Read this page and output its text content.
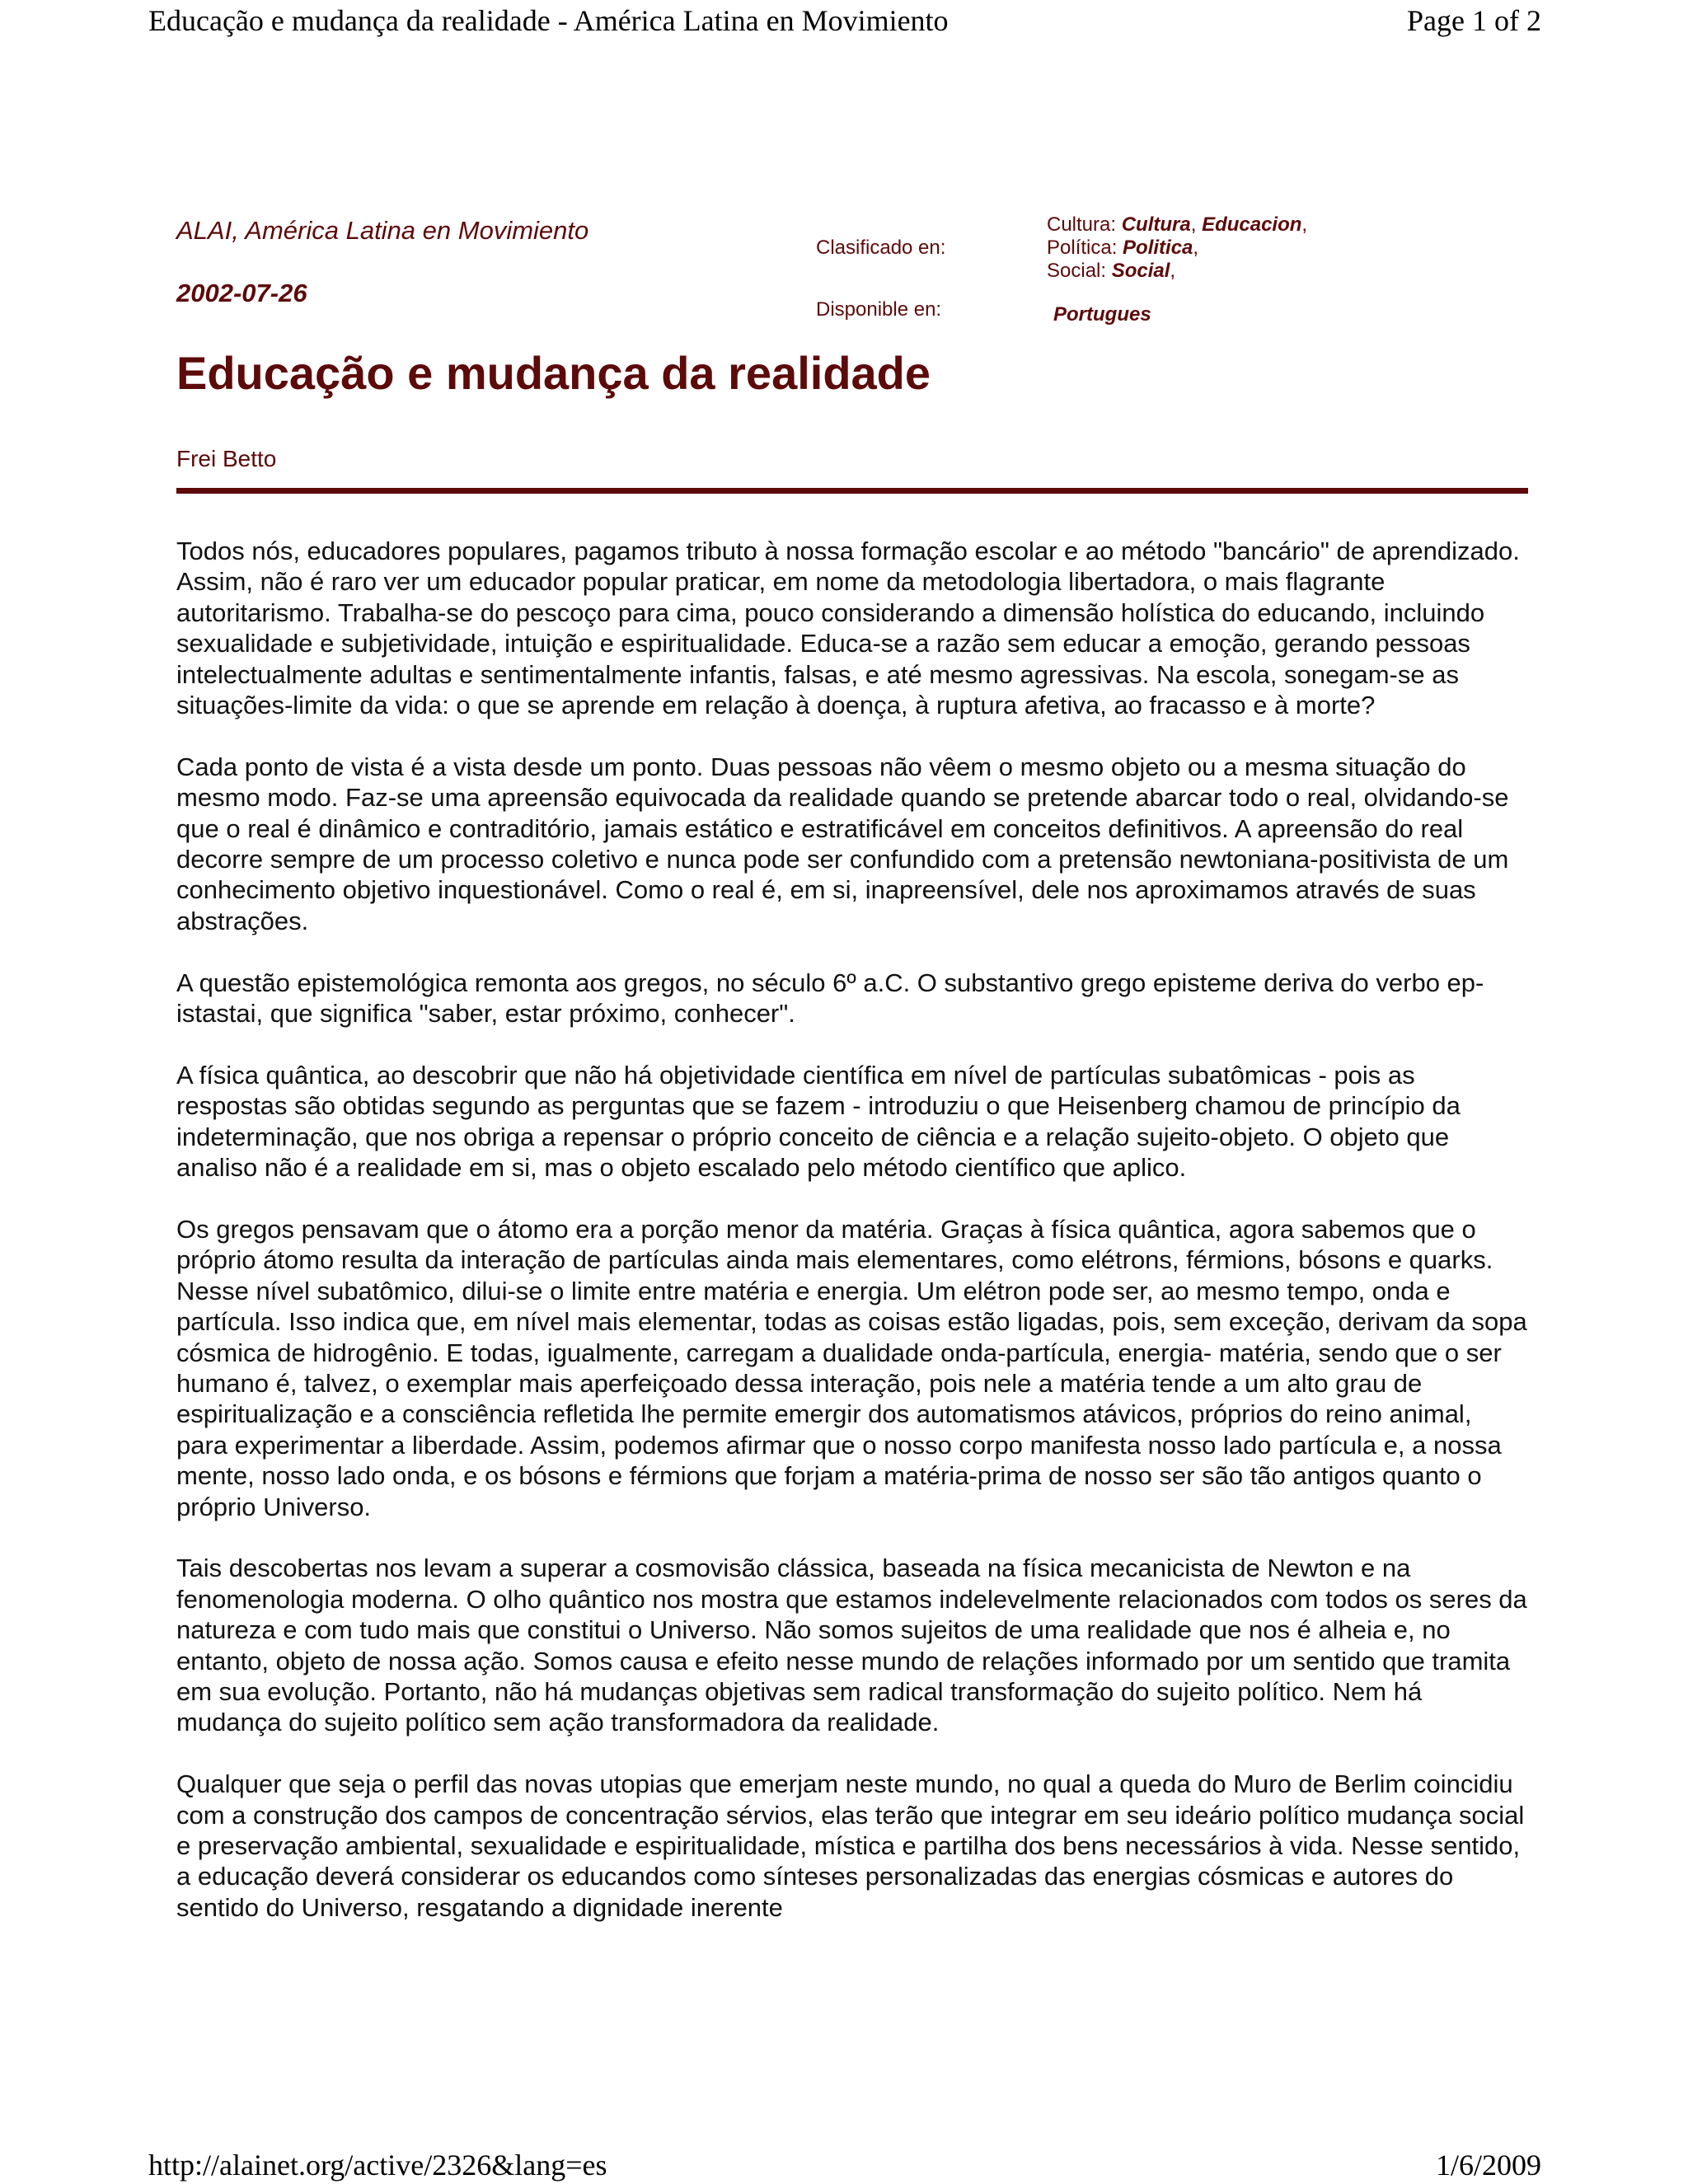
Educação e mudança da realidade - América Latina en Movimiento	Page 1 of 2
ALAI, América Latina en Movimiento
2002-07-26
Clasificado en:
Disponible en:
Cultura: Cultura, Educacion,
Política: Politica,
Social: Social,
Portugues
Educação e mudança da realidade
Frei Betto

Todos nós, educadores populares, pagamos tributo à nossa formação escolar e ao método "bancário" de aprendizado. Assim, não é raro ver um educador popular praticar, em nome da metodologia libertadora, o mais flagrante autoritarismo. Trabalha-se do pescoço para cima, pouco considerando a dimensão holística do educando, incluindo sexualidade e subjetividade, intuição e espiritualidade. Educa-se a razão sem educar a emoção, gerando pessoas intelectualmente adultas e sentimentalmente infantis, falsas, e até mesmo agressivas. Na escola, sonegam-se as situações-limite da vida: o que se aprende em relação à doença, à ruptura afetiva, ao fracasso e à morte?

Cada ponto de vista é a vista desde um ponto. Duas pessoas não vêem o mesmo objeto ou a mesma situação do mesmo modo. Faz-se uma apreensão equivocada da realidade quando se pretende abarcar todo o real, olvidando-se que o real é dinâmico e contraditório, jamais estático e estratificável em conceitos definitivos. A apreensão do real decorre sempre de um processo coletivo e nunca pode ser confundido com a pretensão newtoniana-positivista de um conhecimento objetivo inquestionável. Como o real é, em si, inapreensível, dele nos aproximamos através de suas abstrações.

A questão epistemológica remonta aos gregos, no século 6º a.C. O substantivo grego episteme deriva do verbo ep-istastai, que significa "saber, estar próximo, conhecer".

A física quântica, ao descobrir que não há objetividade científica em nível de partículas subatômicas - pois as respostas são obtidas segundo as perguntas que se fazem - introduziu o que Heisenberg chamou de princípio da indeterminação, que nos obriga a repensar o próprio conceito de ciência e a relação sujeito-objeto. O objeto que analiso não é a realidade em si, mas o objeto escalado pelo método científico que aplico.

Os gregos pensavam que o átomo era a porção menor da matéria. Graças à física quântica, agora sabemos que o próprio átomo resulta da interação de partículas ainda mais elementares, como elétrons, férmions, bósons e quarks. Nesse nível subatômico, dilui-se o limite entre matéria e energia. Um elétron pode ser, ao mesmo tempo, onda e partícula. Isso indica que, em nível mais elementar, todas as coisas estão ligadas, pois, sem exceção, derivam da sopa cósmica de hidrogênio. E todas, igualmente, carregam a dualidade onda-partícula, energia- matéria, sendo que o ser humano é, talvez, o exemplar mais aperfeiçoado dessa interação, pois nele a matéria tende a um alto grau de espiritualização e a consciência refletida lhe permite emergir dos automatismos atávicos, próprios do reino animal, para experimentar a liberdade. Assim, podemos afirmar que o nosso corpo manifesta nosso lado partícula e, a nossa mente, nosso lado onda, e os bósons e férmions que forjam a matéria-prima de nosso ser são tão antigos quanto o próprio Universo.

Tais descobertas nos levam a superar a cosmovisão clássica, baseada na física mecanicista de Newton e na fenomenologia moderna. O olho quântico nos mostra que estamos indelevelmente relacionados com todos os seres da natureza e com tudo mais que constitui o Universo. Não somos sujeitos de uma realidade que nos é alheia e, no entanto, objeto de nossa ação. Somos causa e efeito nesse mundo de relações informado por um sentido que tramita em sua evolução. Portanto, não há mudanças objetivas sem radical transformação do sujeito político. Nem há mudança do sujeito político sem ação transformadora da realidade.

Qualquer que seja o perfil das novas utopias que emerjam neste mundo, no qual a queda do Muro de Berlim coincidiu com a construção dos campos de concentração sérvios, elas terão que integrar em seu ideário político mudança social e preservação ambiental, sexualidade e espiritualidade, mística e partilha dos bens necessários à vida. Nesse sentido, a educação deverá considerar os educandos como sínteses personalizadas das energias cósmicas e autores do sentido do Universo, resgatando a dignidade inerente

http://alainet.org/active/2326&lang=es	1/6/2009
